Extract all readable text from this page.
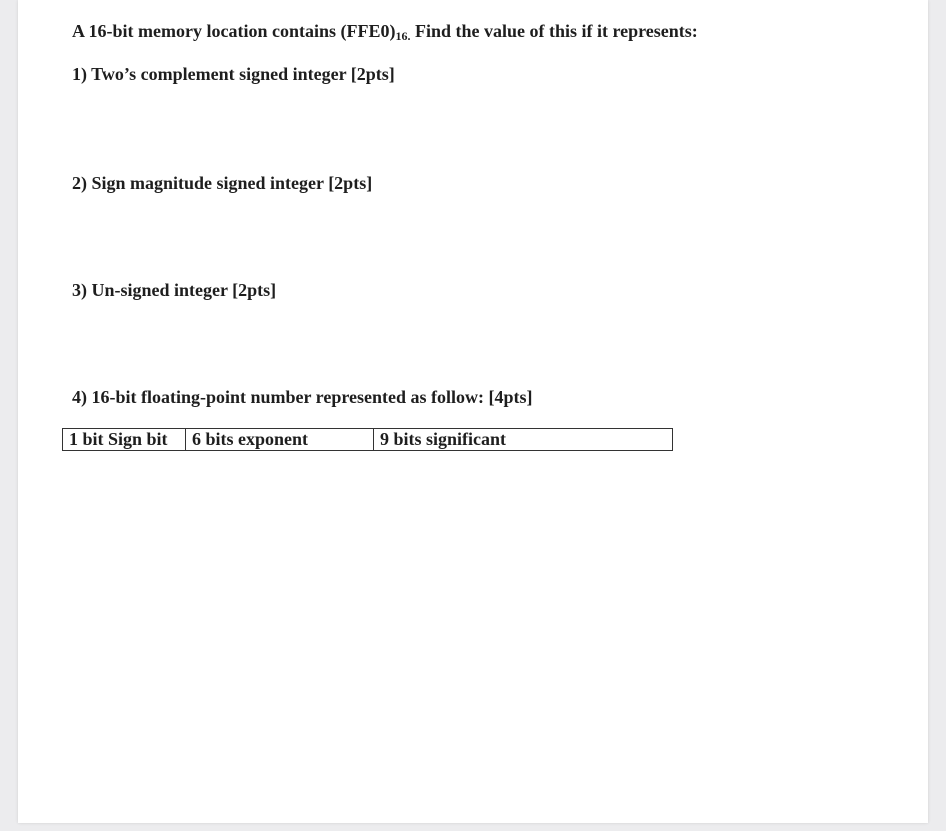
A 16-bit memory location contains $(FFE0)_{16.}$ Find the value of this if it represents:
1) Two’s complement signed integer [2pts]
2) Sign magnitude signed integer [2pts]
3) Un-signed integer [2pts]
4) 16-bit floating-point number represented as follow: [4pts]
1 bit Sign bit	6 bits exponent	9 bits significant
